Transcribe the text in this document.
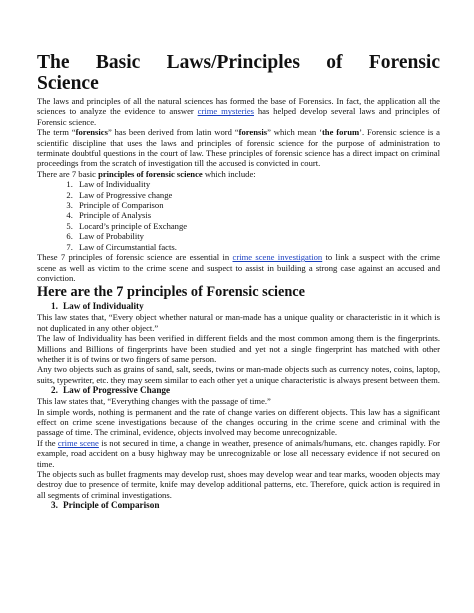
The Basic Laws/Principles of Forensic
Science

The laws and principles of all the natural sciences has formed the base of Forensics. In fact, the application all the sciences to analyze the evidence to answer crime mysteries has helped develop several laws and principles of Forensic science.

The term “forensics” has been derived from latin word “forensis” which mean ‘the forum’. Forensic science is a scientific discipline that uses the laws and principles of forensic science for the purpose of administration to terminate doubtful questions in the court of law. These principles of forensic science has a direct impact on criminal proceedings from the scratch of investigation till the accused is convicted in court.

There are 7 basic principles of forensic science which include:

1. Law of Individuality
2. Law of Progressive change
3. Principle of Comparison
4. Principle of Analysis
5. Locard’s principle of Exchange
6. Law of Probability
7. Law of Circumstantial facts.

These 7 principles of forensic science are essential in crime scene investigation to link a suspect with the crime scene as well as victim to the crime scene and suspect to assist in building a strong case against an accused and conviction.

Here are the 7 principles of Forensic science

1. Law of Individuality

This law states that, “Every object whether natural or man-made has a unique quality or characteristic in it which is not duplicated in any other object.”

The law of Individuality has been verified in different fields and the most common among them is the fingerprints. Millions and Billions of fingerprints have been studied and yet not a single fingerprint has matched with other whether it is of twins or two fingers of same person.

Any two objects such as grains of sand, salt, seeds, twins or man-made objects such as currency notes, coins, laptop, suits, typewriter, etc. they may seem similar to each other yet a unique characteristic is always present between them.

2. Law of Progressive Change

This law states that, “Everything changes with the passage of time.”

In simple words, nothing is permanent and the rate of change varies on different objects. This law has a significant effect on crime scene investigations because of the changes occuring in the crime scene and criminal with the passage of time. The criminal, evidence, objects involved may become unrecognizable.

If the crime scene is not secured in time, a change in weather, presence of animals/humans, etc. changes rapidly. For example, road accident on a busy highway may be unrecognizable or lose all necessary evidence if not secured on time.

The objects such as bullet fragments may develop rust, shoes may develop wear and tear marks, wooden objects may destroy due to presence of termite, knife may develop additional patterns, etc. Therefore, quick action is required in all segments of criminal investigations.

3. Principle of Comparison
